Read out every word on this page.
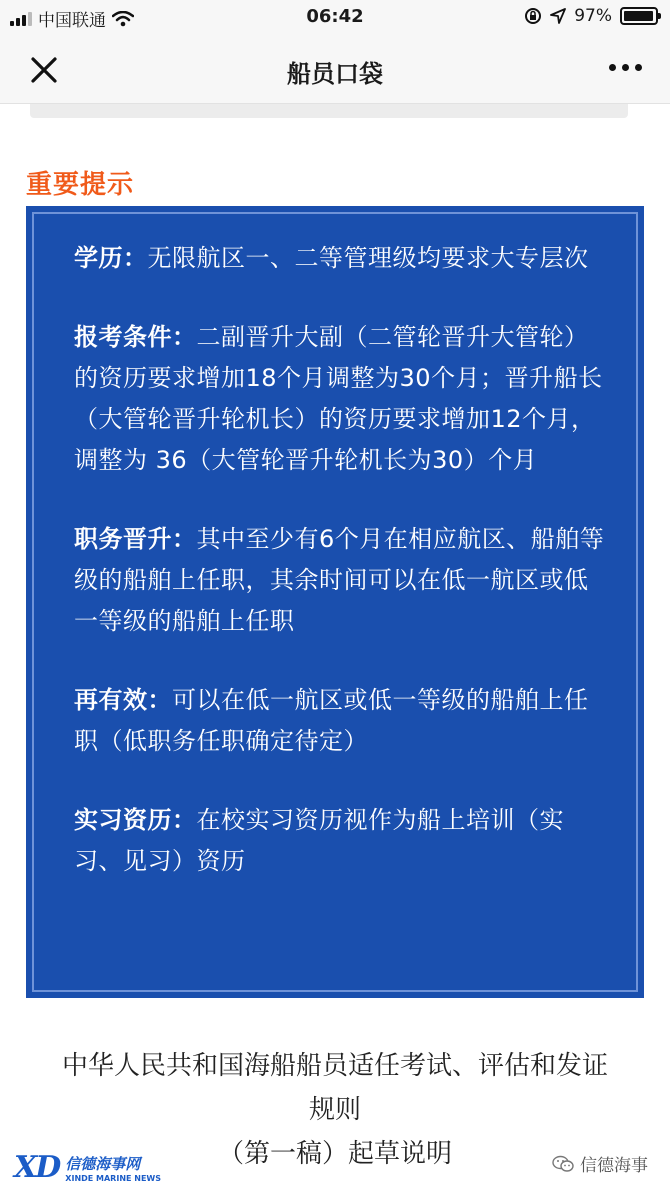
中国联通	06:42	97%
船员口袋
重要提示

学历：无限航区一、二等管理级均要求大专层次

报考条件：二副晋升大副（二管轮晋升大管轮）的资历要求增加18个月调整为30个月；晋升船长（大管轮晋升轮机长）的资历要求增加12个月，调整为 36（大管轮晋升轮机长为30）个月

职务晋升：其中至少有6个月在相应航区、船舶等级的船舶上任职，其余时间可以在低一航区或低一等级的船舶上任职

再有效：可以在低一航区或低一等级的船舶上任职（低职务任职确定待定）

实习资历：在校实习资历视作为船上培训（实习、见习）资历

中华人民共和国海船船员适任考试、评估和发证
规则
（第一稿）起草说明
XD 信德海事网
XINDE MARINE NEWS
信德海事
